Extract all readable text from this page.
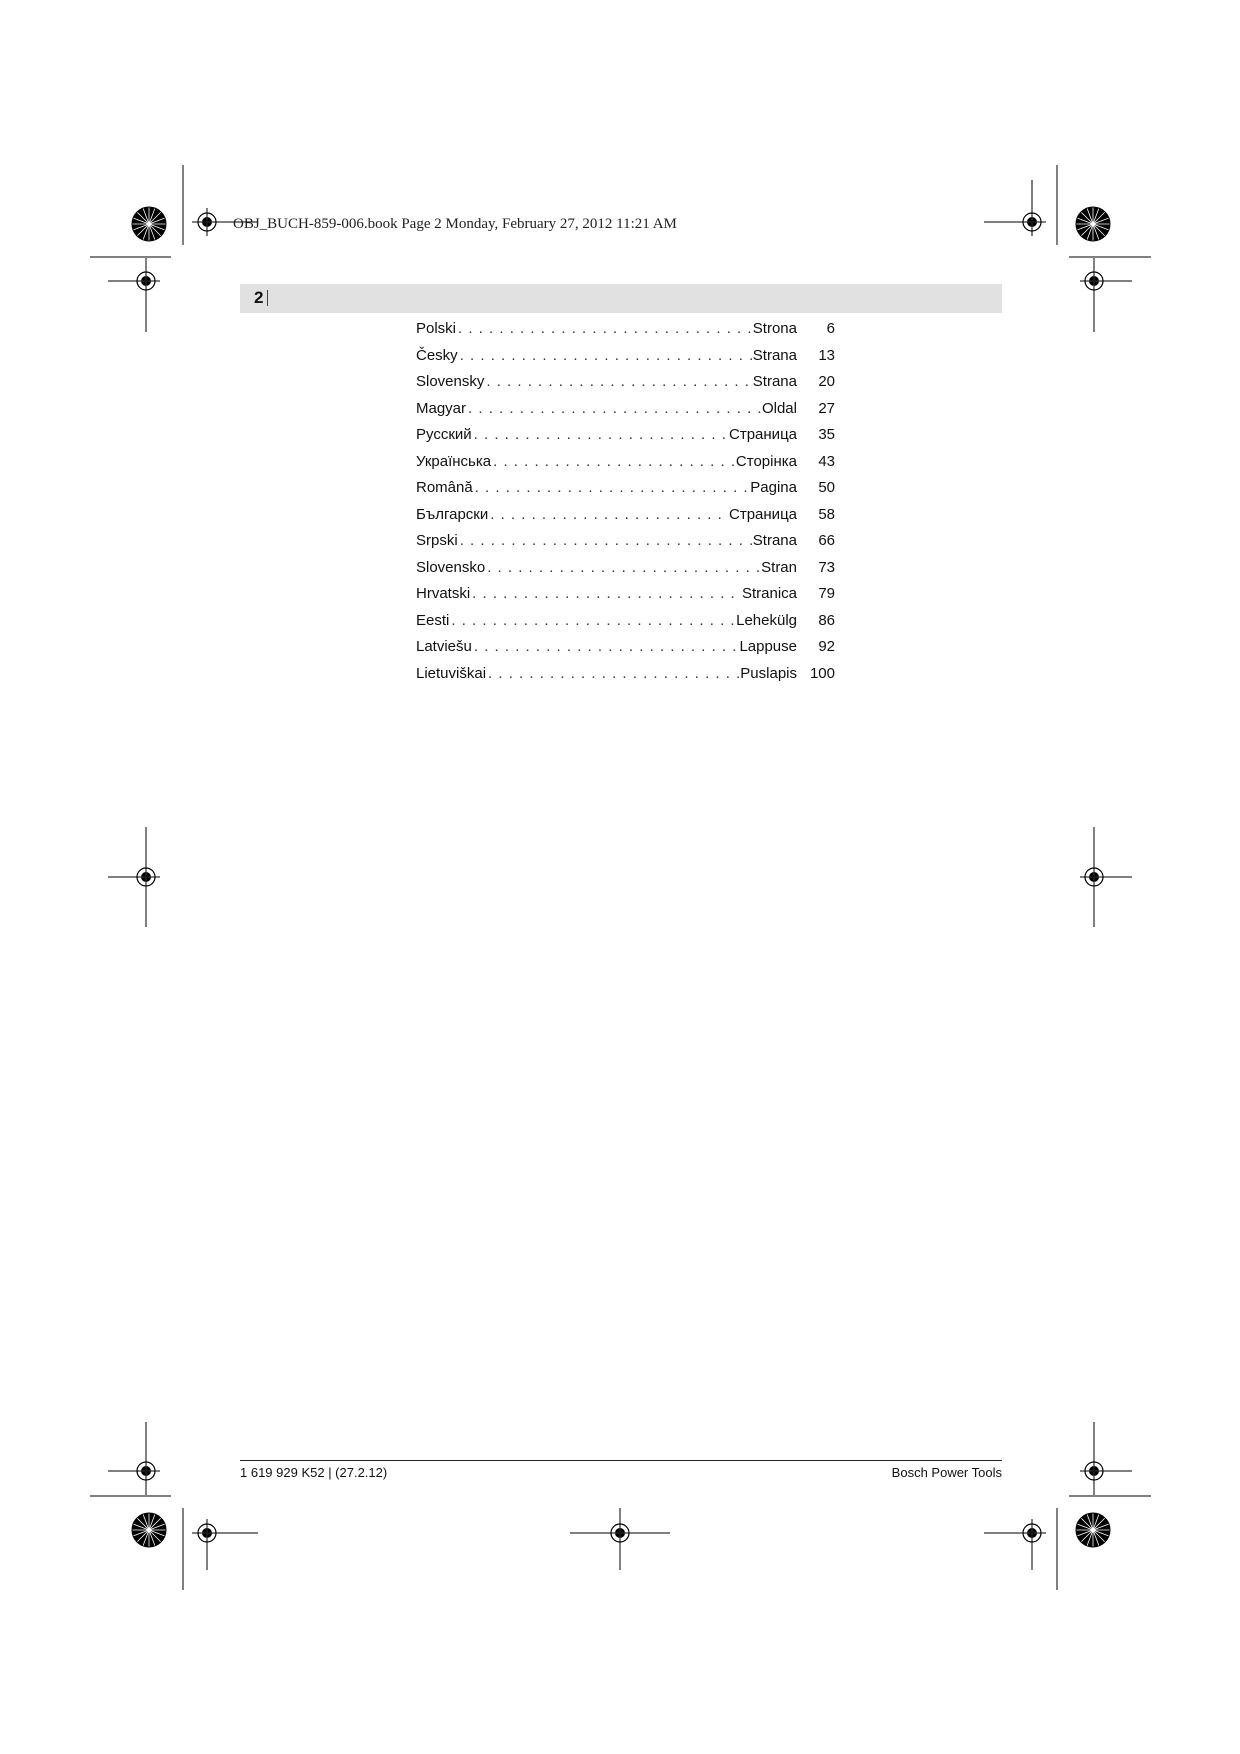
OBJ_BUCH-859-006.book Page 2 Monday, February 27, 2012 11:21 AM
2
Polski . . .	Strona	6
Česky . . .	Strana	13
Slovensky . . .	Strana	20
Magyar . . .	Oldal	27
Русский . . .	Страница	35
Українська . . .	Сторінка	43
Română . . .	Pagina	50
Български . . .	Страница	58
Srpski . . .	Strana	66
Slovensko . . .	Stran	73
Hrvatski . . .	Stranica	79
Eesti . . .	Lehekülg	86
Latviešu . . .	Lappuse	92
Lietuviškai . . .	Puslapis 100
1 619 929 K52 | (27.2.12)	Bosch Power Tools
